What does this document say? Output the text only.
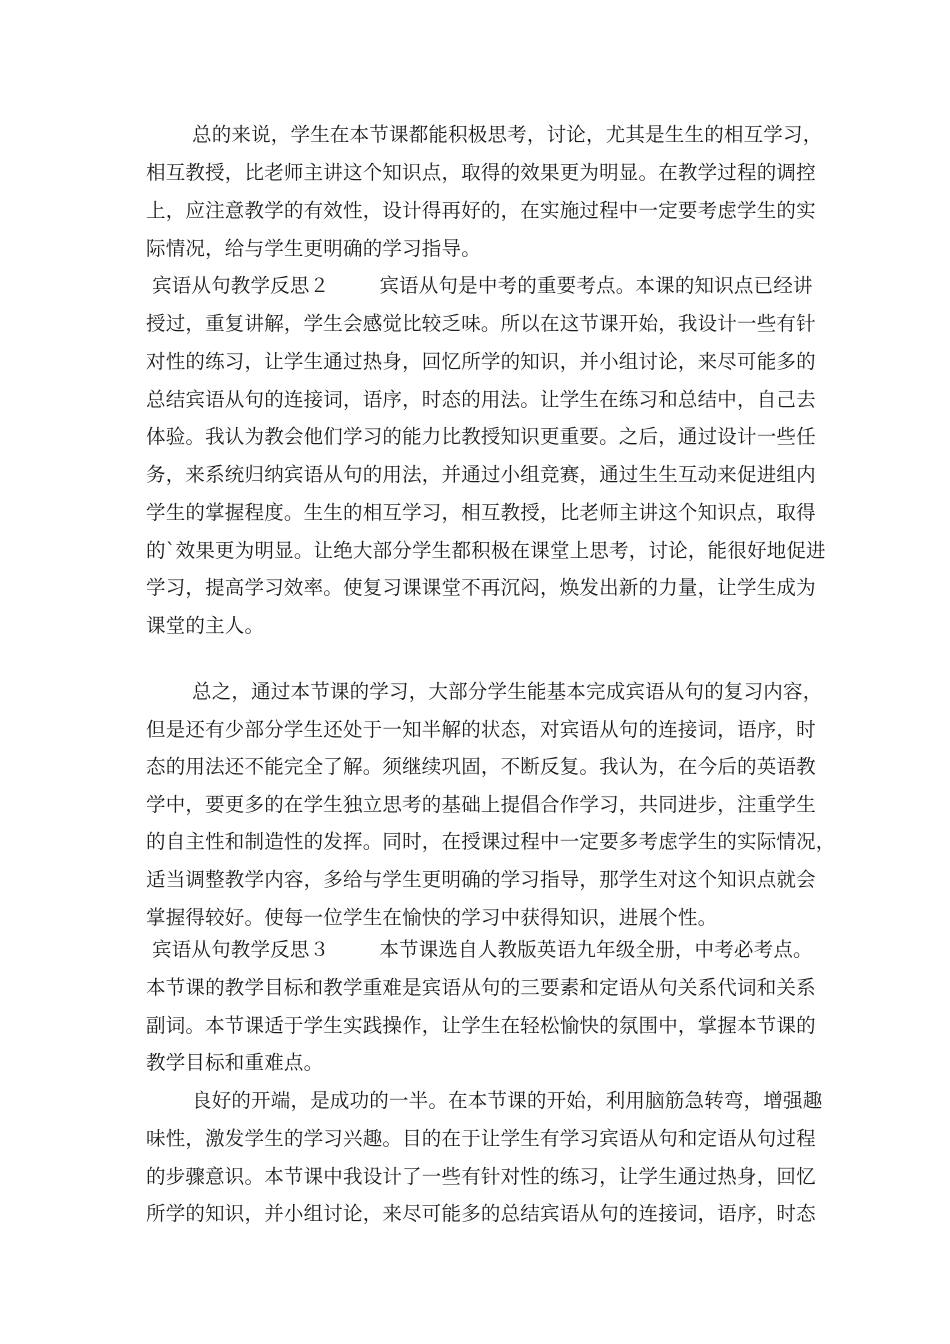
总的来说，学生在本节课都能积极思考，讨论，尤其是生生的相互学习，
相互教授，比老师主讲这个知识点，取得的效果更为明显。在教学过程的调控
上，应注意教学的有效性，设计得再好的，在实施过程中一定要考虑学生的实
际情况，给与学生更明确的学习指导。
宾语从句教学反思２	宾语从句是中考的重要考点。本课的知识点已经讲
授过，重复讲解，学生会感觉比较乏味。所以在这节课开始，我设计一些有针
对性的练习，让学生通过热身，回忆所学的知识，并小组讨论，来尽可能多的
总结宾语从句的连接词，语序，时态的用法。让学生在练习和总结中，自己去
体验。我认为教会他们学习的能力比教授知识更重要。之后，通过设计一些任
务，来系统归纳宾语从句的用法，并通过小组竞赛，通过生生互动来促进组内
学生的掌握程度。生生的相互学习，相互教授，比老师主讲这个知识点，取得
的`效果更为明显。让绝大部分学生都积极在课堂上思考，讨论，能很好地促进
学习，提高学习效率。使复习课课堂不再沉闷，焕发出新的力量，让学生成为
课堂的主人。
总之，通过本节课的学习，大部分学生能基本完成宾语从句的复习内容，
但是还有少部分学生还处于一知半解的状态，对宾语从句的连接词，语序，时
态的用法还不能完全了解。须继续巩固，不断反复。我认为，在今后的英语教
学中，要更多的在学生独立思考的基础上提倡合作学习，共同进步，注重学生
的自主性和制造性的发挥。同时，在授课过程中一定要多考虑学生的实际情况，
适当调整教学内容，多给与学生更明确的学习指导，那学生对这个知识点就会
掌握得较好。使每一位学生在愉快的学习中获得知识，进展个性。
宾语从句教学反思３	本节课选自人教版英语九年级全册，中考必考点。
本节课的教学目标和教学重难是宾语从句的三要素和定语从句关系代词和关系
副词。本节课适于学生实践操作，让学生在轻松愉快的氛围中，掌握本节课的
教学目标和重难点。
良好的开端，是成功的一半。在本节课的开始，利用脑筋急转弯，增强趣
味性，激发学生的学习兴趣。目的在于让学生有学习宾语从句和定语从句过程
的步骤意识。本节课中我设计了一些有针对性的练习，让学生通过热身，回忆
所学的知识，并小组讨论，来尽可能多的总结宾语从句的连接词，语序，时态
